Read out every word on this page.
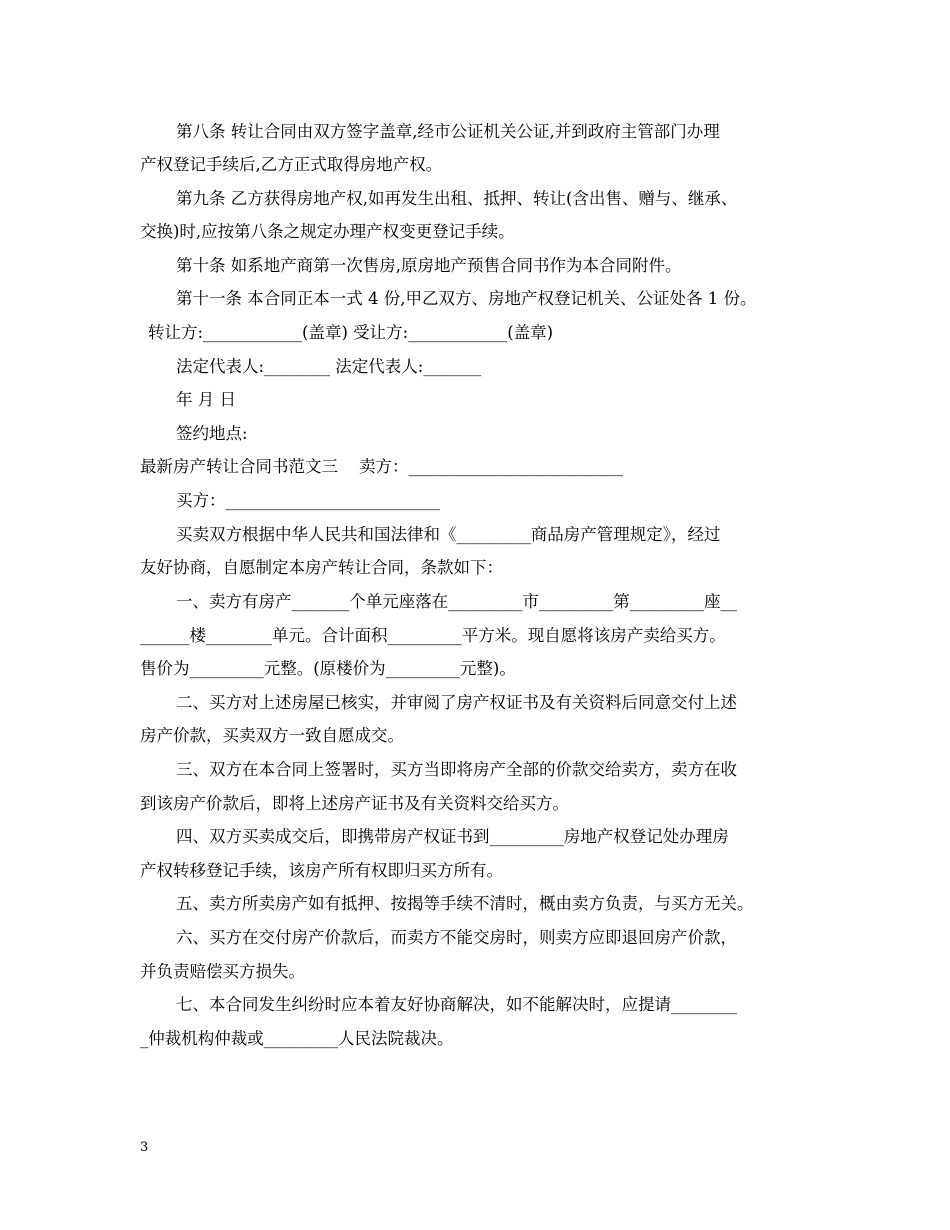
第八条 转让合同由双方签字盖章,经市公证机关公证,并到政府主管部门办理
产权登记手续后,乙方正式取得房地产权。
第九条 乙方获得房地产权,如再发生出租、抵押、转让(含出售、赠与、继承、
交换)时,应按第八条之规定办理产权变更登记手续。
第十条 如系地产商第一次售房,原房地产预售合同书作为本合同附件。
第十一条 本合同正本一式 4 份,甲乙双方、房地产权登记机关、公证处各 1 份。
转让方:____________(盖章) 受让方:____________(盖章)
法定代表人:________ 法定代表人:_______
年 月 日
签约地点:
最新房产转让合同书范文三    卖方：__________________________
买方：__________________________
买卖双方根据中华人民共和国法律和《_________商品房产管理规定》，经过
友好协商，自愿制定本房产转让合同，条款如下：
一、卖方有房产_______个单元座落在_________市_________第_________座__
______楼________单元。合计面积_________平方米。现自愿将该房产卖给买方。
售价为_________元整。(原楼价为_________元整)。
二、买方对上述房屋已核实，并审阅了房产权证书及有关资料后同意交付上述
房产价款，买卖双方一致自愿成交。
三、双方在本合同上签署时，买方当即将房产全部的价款交给卖方，卖方在收
到该房产价款后，即将上述房产证书及有关资料交给买方。
四、双方买卖成交后，即携带房产权证书到_________房地产权登记处办理房
产权转移登记手续，该房产所有权即归买方所有。
五、卖方所卖房产如有抵押、按揭等手续不清时，概由卖方负责，与买方无关。
六、买方在交付房产价款后，而卖方不能交房时，则卖方应即退回房产价款，
并负责赔偿买方损失。
七、本合同发生纠纷时应本着友好协商解决，如不能解决时，应提请________
_仲裁机构仲裁或_________人民法院裁决。
3
